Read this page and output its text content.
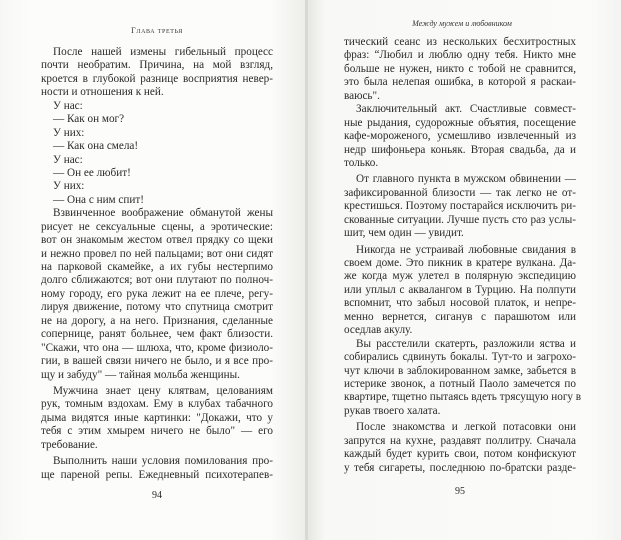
Глава третья
После нашей измены гибельный процесс
почти необратим. Причина, на мой взгляд,
кроется в глубокой разнице восприятия невер-
ности и отношения к ней.
У нас:
— Как он мог?
У них:
— Как она смела!
У нас:
— Он ее любит!
У них:
— Она с ним спит!
Взвинченное воображение обманутой жены
рисует не сексуальные сцены, а эротические:
вот он знакомым жестом отвел прядку со щеки
и нежно провел по ней пальцами; вот они сидят
на парковой скамейке, а их губы нестерпимо
долго сближаются; вот они плутают по полноч-
ному городу, его рука лежит на ее плече, регу-
лируя движение, потому что спутница смотрит
не на дорогу, а на него. Признания, сделанные
сопернице, ранят больнее, чем факт близости.
"Скажи, что она — шлюха, что, кроме физиоло-
гии, в вашей связи ничего не было, и я все про-
щу и забуду" — тайная мольба женщины.
Мужчина знает цену клятвам, целованиям
рук, томным вздохам. Ему в клубах табачного
дыма видятся иные картинки: "Докажи, что у
тебя с этим хмырем ничего не было" — его
требование.
Выполнить наши условия помилования про-
ще пареной репы. Ежедневный психотерапев-
94
Между мужем и любовником
тический сеанс из нескольких бесхитростных
фраз: “Любил и люблю одну тебя. Никто мне
больше не нужен, никто с тобой не сравнится,
это была нелепая ошибка, в которой я раскаи-
ваюсь".
Заключительный акт. Счастливые совмест-
ные рыдания, судорожные объятия, посещение
кафе-мороженого, усмешливо извлеченный из
недр шифоньера коньяк. Вторая свадьба, да и
только.
От главного пункта в мужском обвинении —
зафиксированной близости — так легко не от-
крестишься. Поэтому постарайся исключить ри-
скованные ситуации. Лучше пусть сто раз услы-
шит, чем один — увидит.
Никогда не устраивай любовные свидания в
своем доме. Это пикник в кратере вулкана. Да-
же когда муж улетел в полярную экспедицию
или уплыл с аквалангом в Турцию. На полпути
вспомнит, что забыл носовой платок, и непре-
менно вернется, сиганув с парашютом или
оседлав акулу.
Вы расстелили скатерть, разложили яства и
собирались сдвинуть бокалы. Тут-то и загрохо-
чут ключи в заблокированном замке, забьется в
истерике звонок, а потный Паоло замечется по
квартире, тщетно пытаясь вдеть трясущую ногу в
рукав твоего халата.
После знакомства и легкой потасовки они
запрутся на кухне, раздавят поллитру. Сначала
каждый будет курить свои, потом конфискуют
у тебя сигареты, последнюю по-братски разде-
95
